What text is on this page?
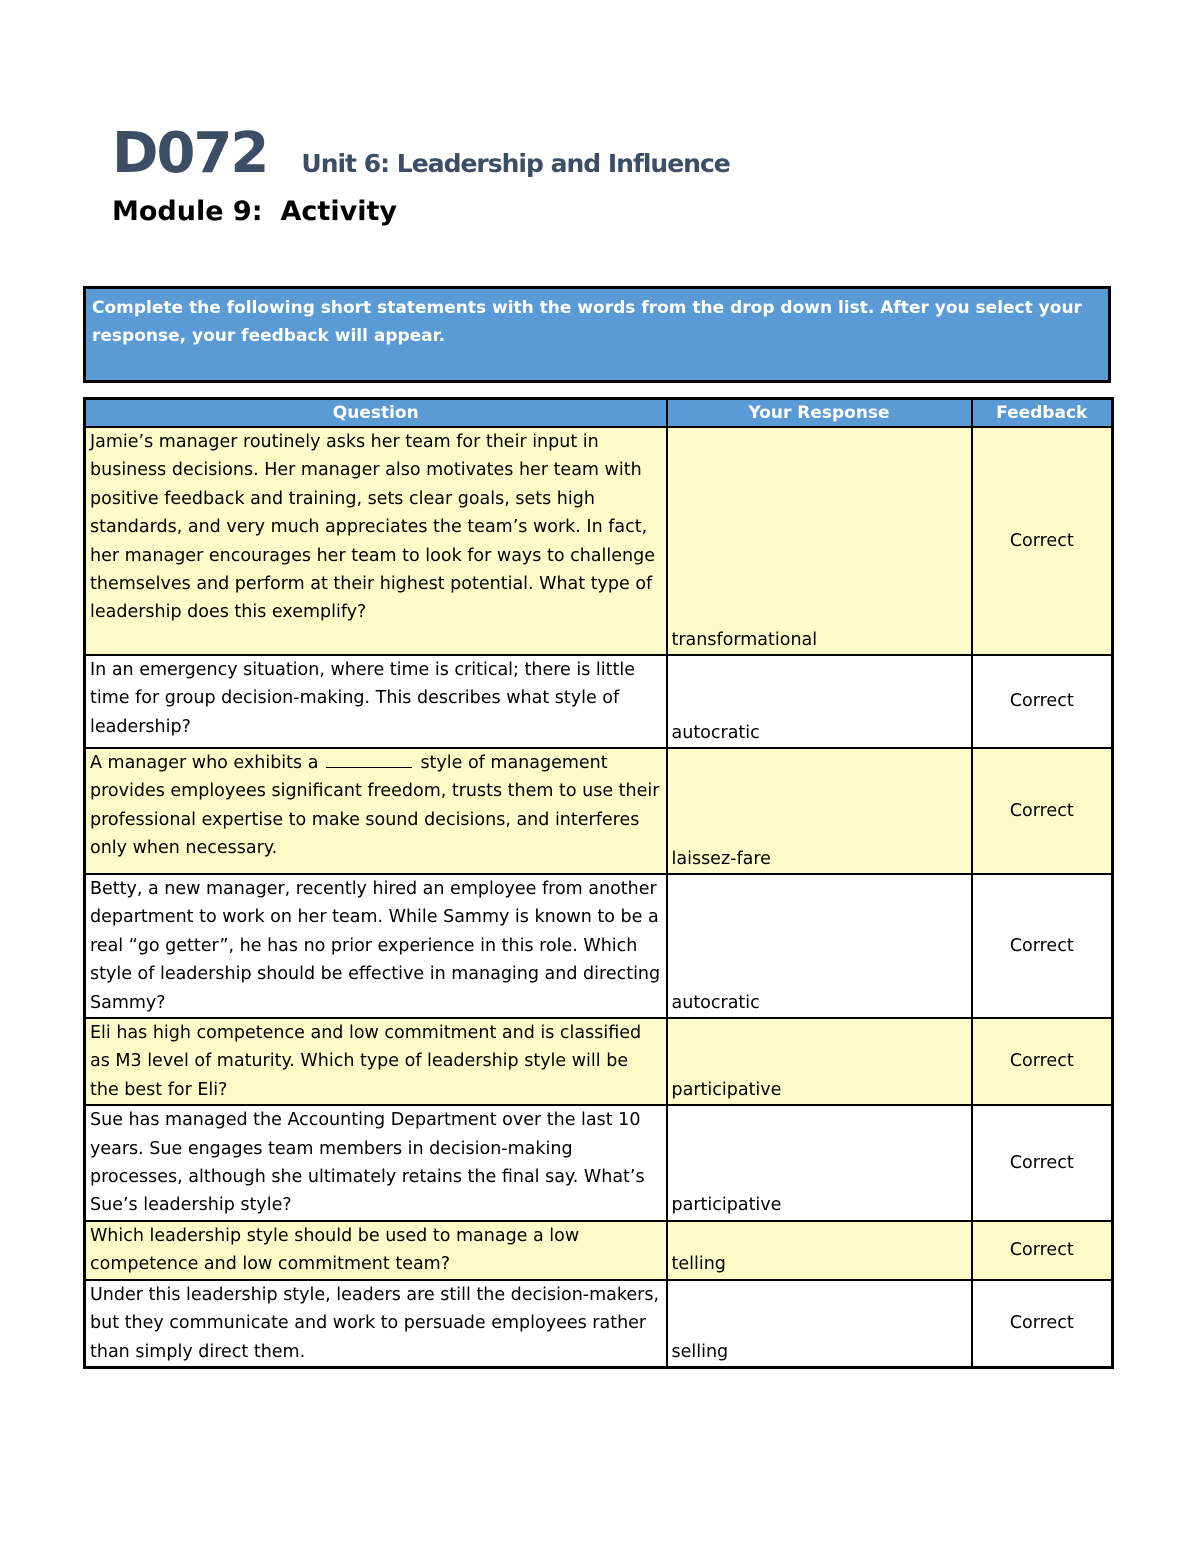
D072 Unit 6: Leadership and Influence
Module 9: Activity
Complete the following short statements with the words from the drop down list. After you select your response, your feedback will appear.
Question	Your Response	Feedback
Jamie’s manager routinely asks her team for their input in business decisions. Her manager also motivates her team with positive feedback and training, sets clear goals, sets high standards, and very much appreciates the team’s work. In fact, her manager encourages her team to look for ways to challenge themselves and perform at their highest potential. What type of leadership does this exemplify?	transformational	Correct
In an emergency situation, where time is critical; there is little time for group decision-making. This describes what style of leadership?	autocratic	Correct
A manager who exhibits a style of management provides employees significant freedom, trusts them to use their professional expertise to make sound decisions, and interferes only when necessary.	laissez-fare	Correct
Betty, a new manager, recently hired an employee from another department to work on her team. While Sammy is known to be a real “go getter”, he has no prior experience in this role. Which style of leadership should be effective in managing and directing Sammy?	autocratic	Correct
Eli has high competence and low commitment and is classified as M3 level of maturity. Which type of leadership style will be the best for Eli?	participative	Correct
Sue has managed the Accounting Department over the last 10 years. Sue engages team members in decision-making processes, although she ultimately retains the final say. What’s Sue’s leadership style?	participative	Correct
Which leadership style should be used to manage a low competence and low commitment team?	telling	Correct
Under this leadership style, leaders are still the decision-makers, but they communicate and work to persuade employees rather than simply direct them.	selling	Correct
